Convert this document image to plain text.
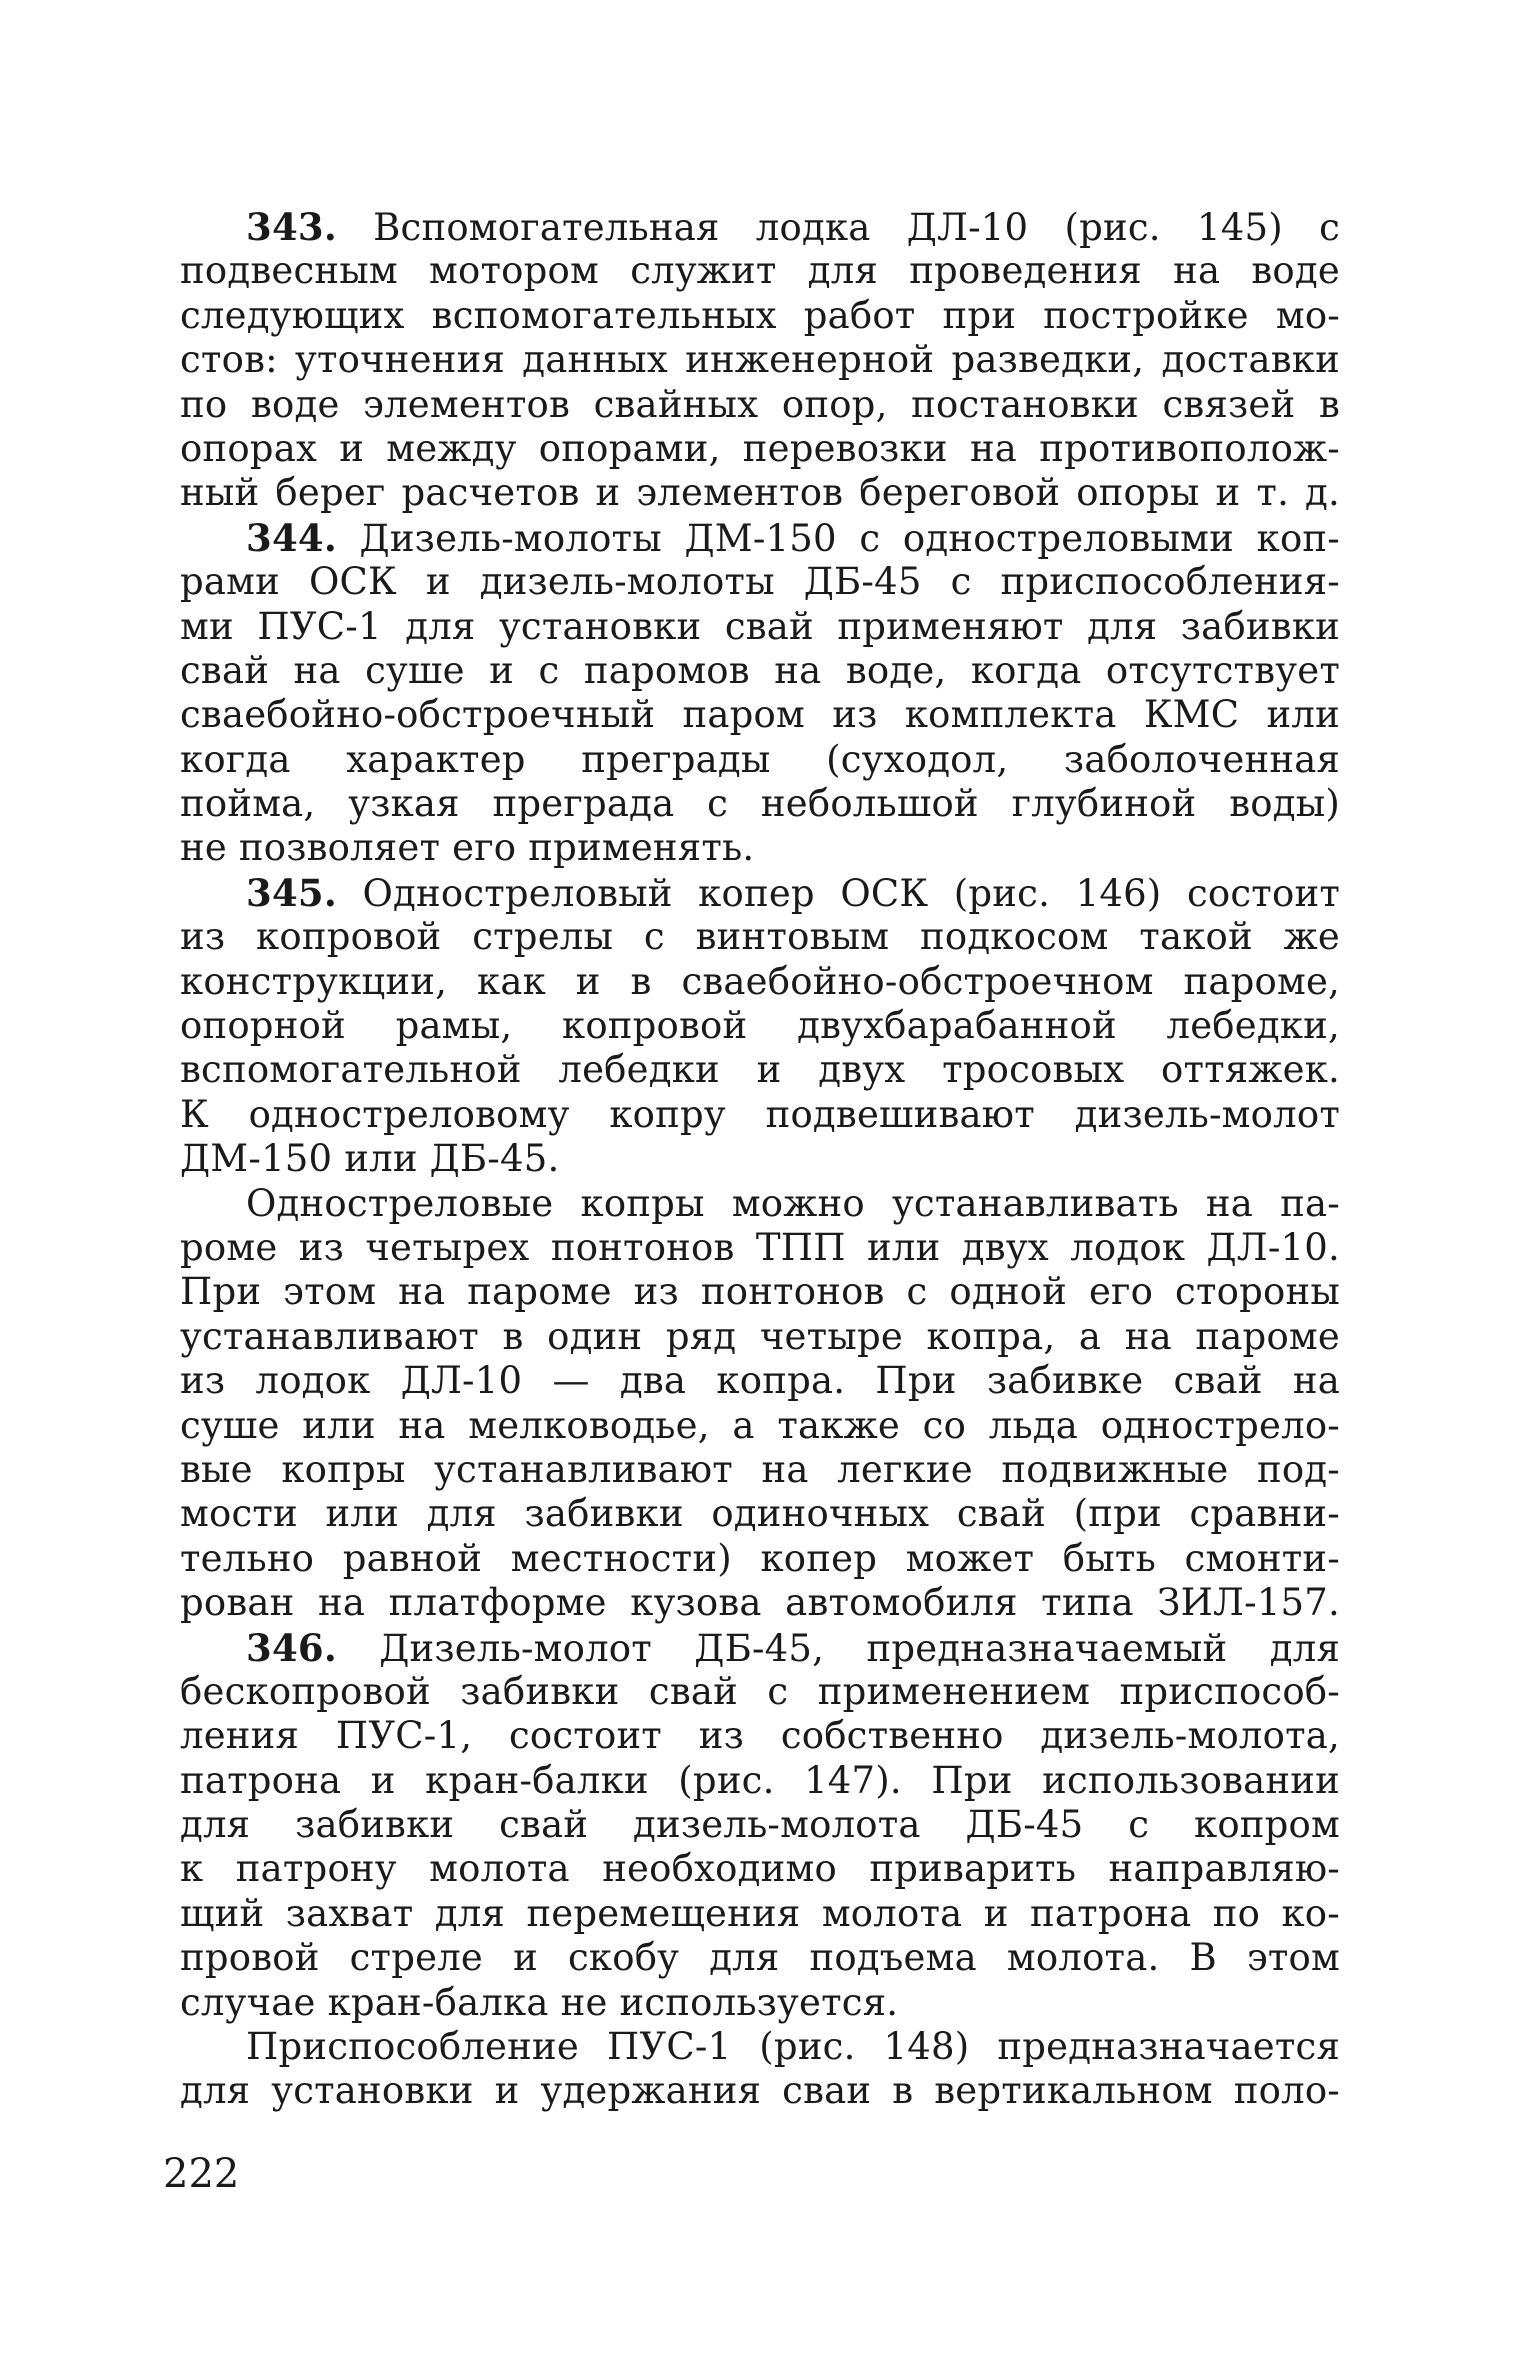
343. Вспомогательная лодка ДЛ-10 (рис. 145) с
подвесным мотором служит для проведения на воде
следующих вспомогательных работ при постройке мо-
стов: уточнения данных инженерной разведки, доставки
по воде элементов свайных опор, постановки связей в
опорах и между опорами, перевозки на противополож-
ный берег расчетов и элементов береговой опоры и т. д.
344. Дизель-молоты ДМ-150 с одностреловыми коп-
рами ОСК и дизель-молоты ДБ-45 с приспособления-
ми ПУС-1 для установки свай применяют для забивки
свай на суше и с паромов на воде, когда отсутствует
сваебойно-обстроечный паром из комплекта КМС или
когда характер преграды (суходол, заболоченная
пойма, узкая преграда с небольшой глубиной воды)
не позволяет его применять.
345. Одностреловый копер ОСК (рис. 146) состоит
из копровой стрелы с винтовым подкосом такой же
конструкции, как и в сваебойно-обстроечном пароме,
опорной рамы, копровой двухбарабанной лебедки,
вспомогательной лебедки и двух тросовых оттяжек.
К одностреловому копру подвешивают дизель-молот
ДМ-150 или ДБ-45.
Одностреловые копры можно устанавливать на па-
роме из четырех понтонов ТПП или двух лодок ДЛ-10.
При этом на пароме из понтонов с одной его стороны
устанавливают в один ряд четыре копра, а на пароме
из лодок ДЛ-10 — два копра. При забивке свай на
суше или на мелководье, а также со льда однострело-
вые копры устанавливают на легкие подвижные под-
мости или для забивки одиночных свай (при сравни-
тельно равной местности) копер может быть смонти-
рован на платформе кузова автомобиля типа ЗИЛ-157.
346. Дизель-молот ДБ-45, предназначаемый для
бескопровой забивки свай с применением приспособ-
ления ПУС-1, состоит из собственно дизель-молота,
патрона и кран-балки (рис. 147). При использовании
для забивки свай дизель-молота ДБ-45 с копром
к патрону молота необходимо приварить направляю-
щий захват для перемещения молота и патрона по ко-
провой стреле и скобу для подъема молота. В этом
случае кран-балка не используется.
Приспособление ПУС-1 (рис. 148) предназначается
для установки и удержания сваи в вертикальном поло-
222
